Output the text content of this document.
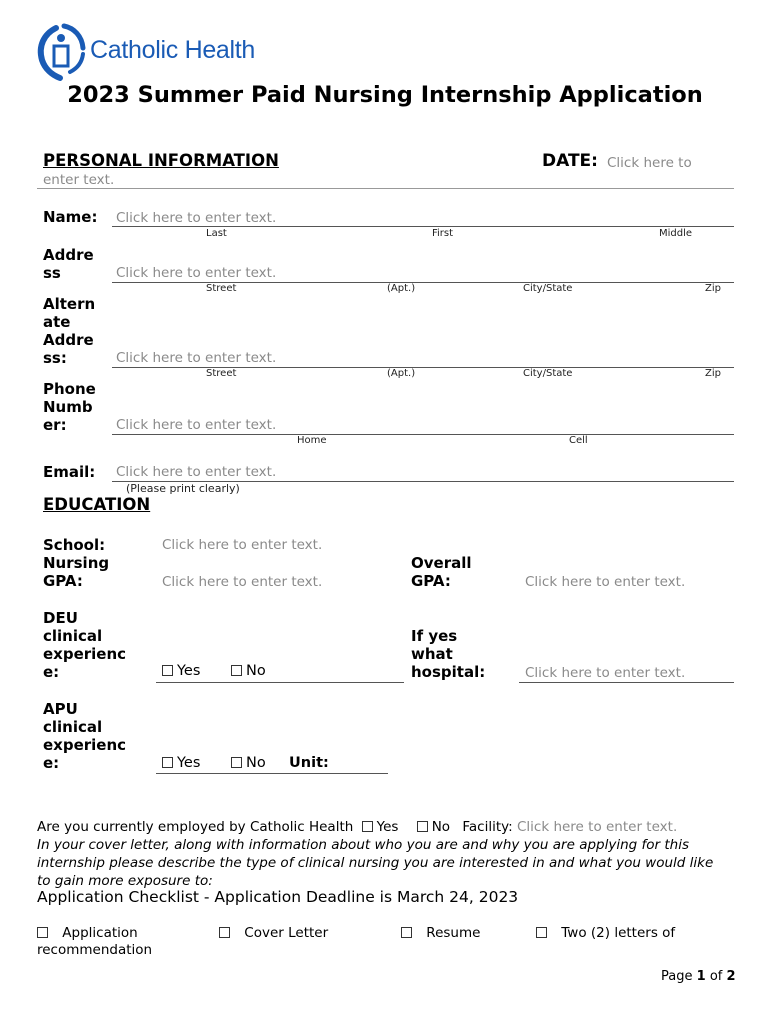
Catholic Health
2023 Summer Paid Nursing Internship Application
PERSONAL INFORMATION	DATE: Click here to
enter text.
Name: Click here to enter text.
Last	First	Middle
Addre
ss	Click here to enter text.
Street	(Apt.)	City/State	Zip
Altern
ate
Addre
ss:	Click here to enter text.
Street	(Apt.)	City/State	Zip
Phone
Numb
er:	Click here to enter text.
Home	Cell
Email: Click here to enter text.
(Please print clearly)
EDUCATION
School:	Click here to enter text.
Nursing
GPA:	Click here to enter text.
Overall
GPA:	Click here to enter text.
DEU
clinical
experienc
e:	Yes	No
If yes
what
hospital:	Click here to enter text.
APU
clinical
experienc
e:	Yes	No Unit:
Are you currently employed by Catholic Health Yes No Facility: Click here to enter text.
In your cover letter, along with information about who you are and why you are applying for this
internship please describe the type of clinical nursing you are interested in and what you would like
to gain more exposure to:
Application Checklist - Application Deadline is March 24, 2023
Application
recommendation
Cover Letter	Resume	Two (2) letters of
Page 1 of 2
